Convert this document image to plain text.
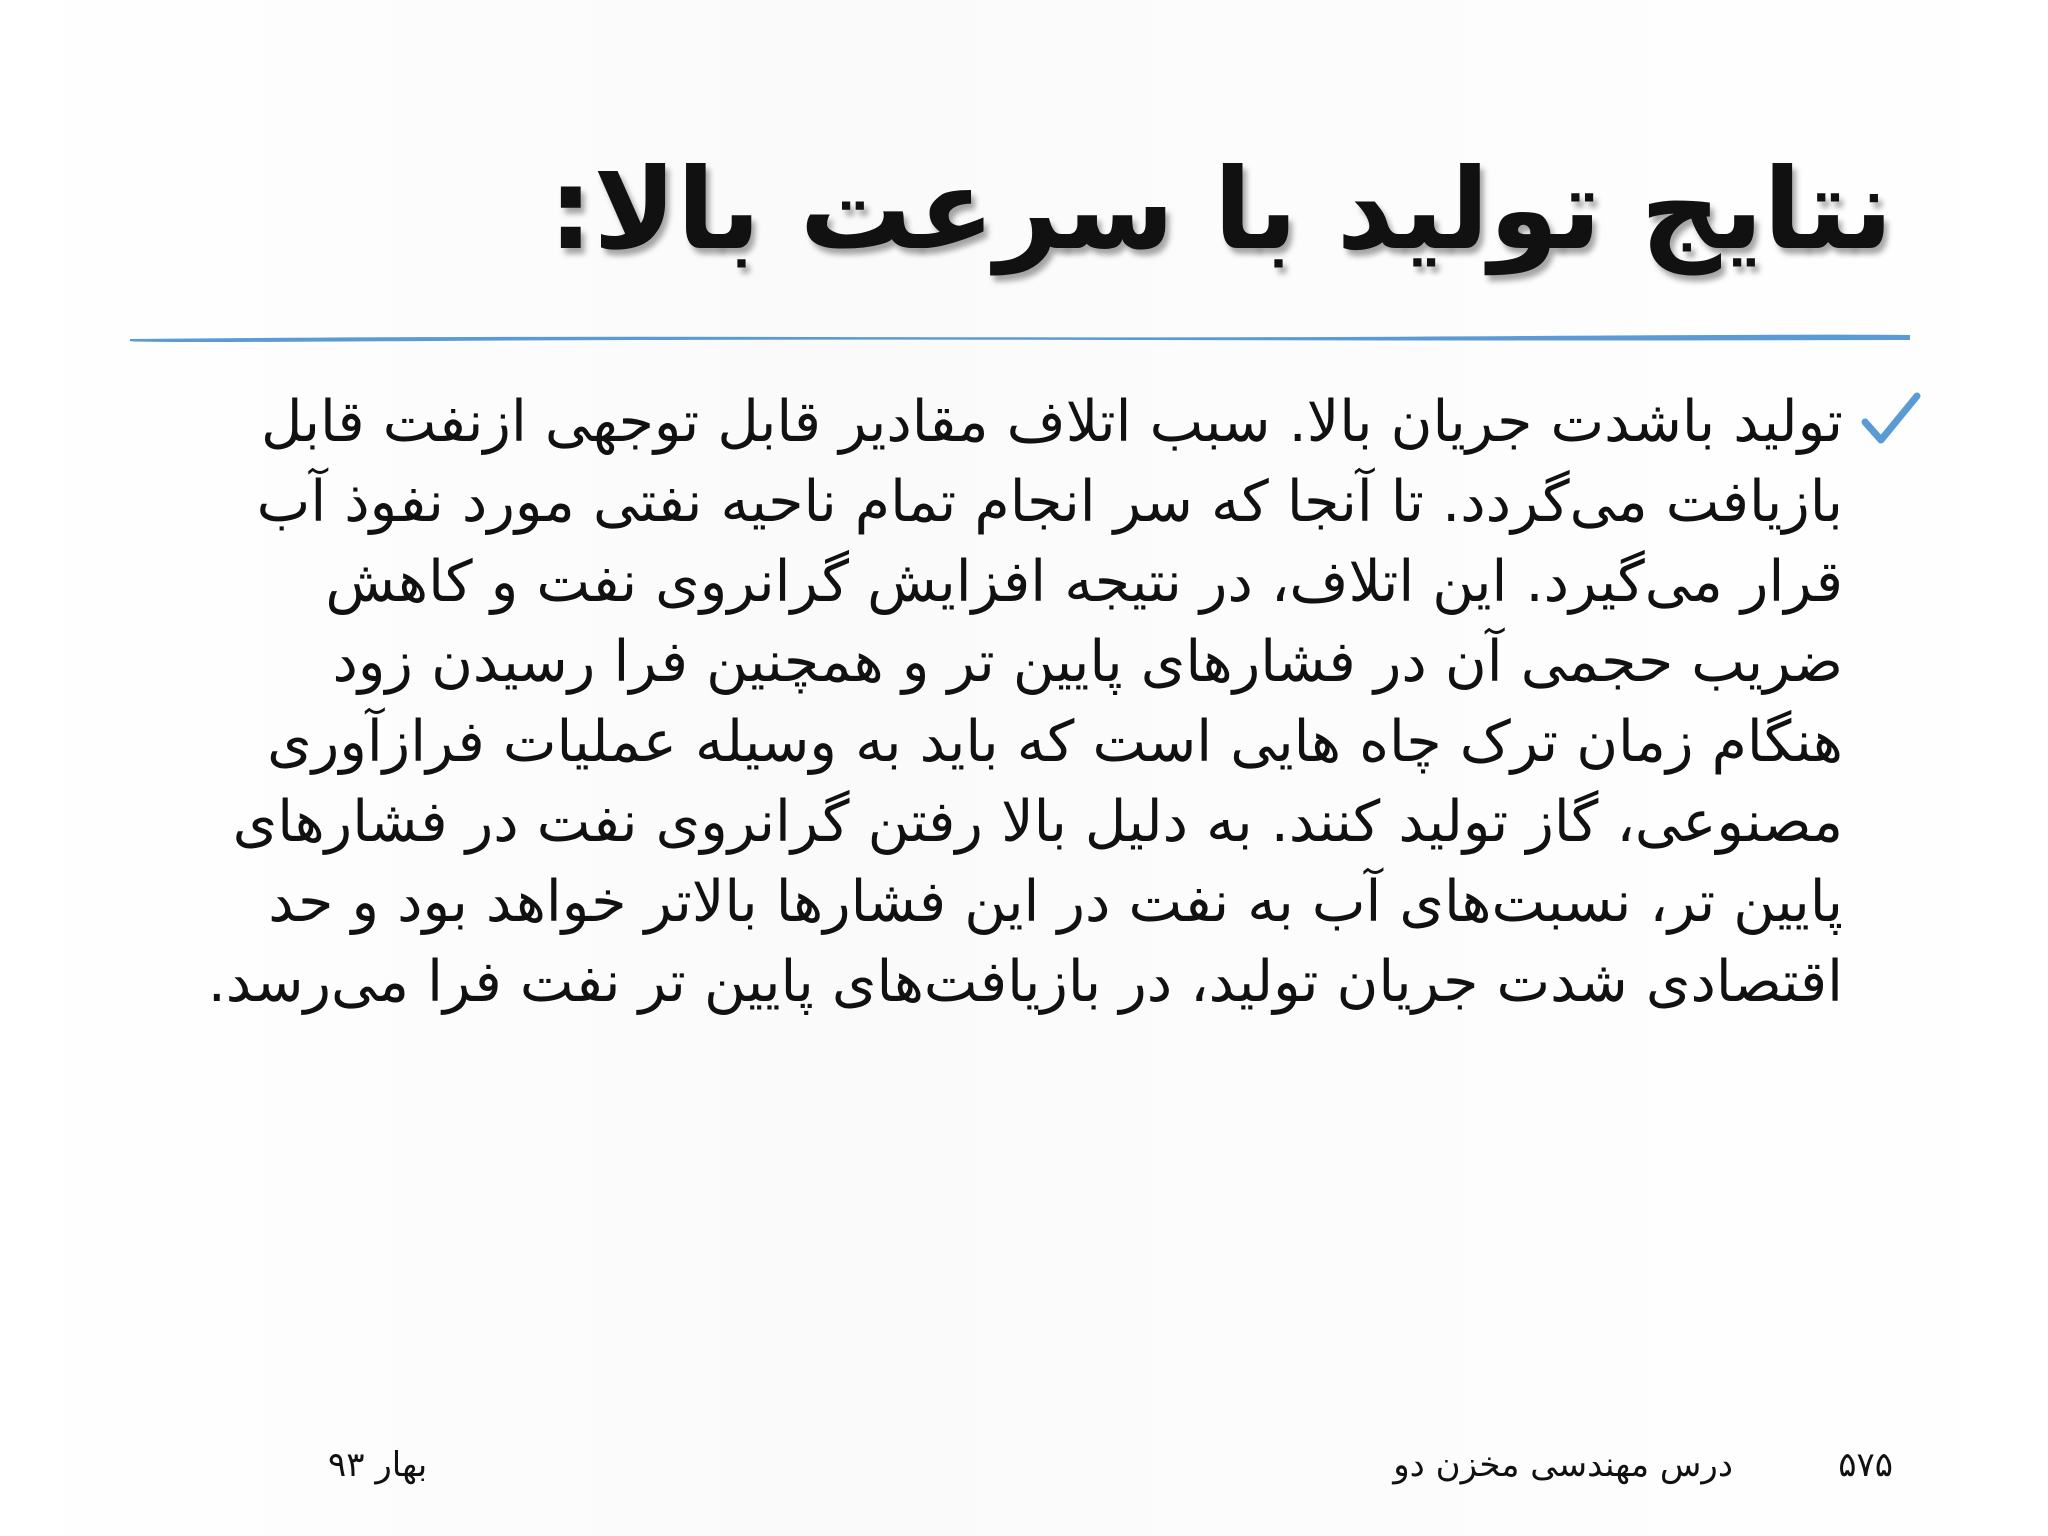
نتایج تولید با سرعت بالا:

تولید باشدت جریان بالا. سبب اتلاف مقادیر قابل توجهی ازنفت قابل
بازیافت می‌گردد. تا آنجا که سر انجام تمام ناحیه نفتی مورد نفوذ آب
قرار می‌گیرد. این اتلاف، در نتیجه افزایش گرانروی نفت و کاهش
ضریب حجمی آن در فشارهای پایین تر و همچنین فرا رسیدن زود
هنگام زمان ترک چاه هایی است که باید به وسیله عملیات فرازآوری
مصنوعی، گاز تولید کنند. به دلیل بالا رفتن گرانروی نفت در فشارهای
پایین تر، نسبت‌های آب به نفت در این فشارها بالاتر خواهد بود و حد
اقتصادی شدت جریان تولید، در بازیافت‌های پایین تر نفت فرا می‌رسد.

۵۷۵
درس مهندسی مخزن دو
بهار ۹۳
